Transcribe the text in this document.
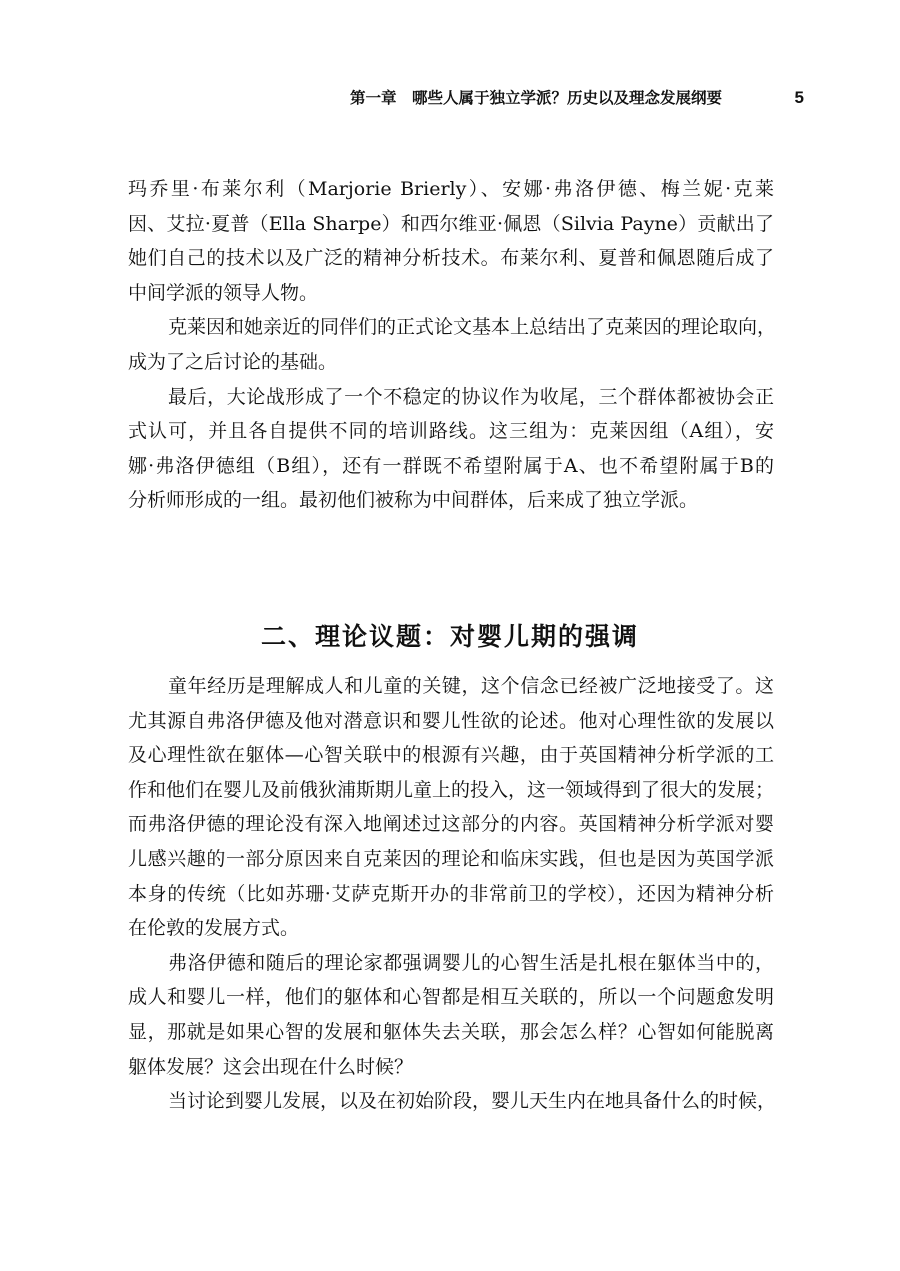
第一章　哪些人属于独立学派？历史以及理念发展纲要	5
玛乔里·布莱尔利（Marjorie Brierly）、安娜·弗洛伊德、梅兰妮·克莱
因、艾拉·夏普（Ella Sharpe）和西尔维亚·佩恩（Silvia Payne）贡献出了
她们自己的技术以及广泛的精神分析技术。布莱尔利、夏普和佩恩随后成了
中间学派的领导人物。
克莱因和她亲近的同伴们的正式论文基本上总结出了克莱因的理论取向，
成为了之后讨论的基础。
最后，大论战形成了一个不稳定的协议作为收尾，三个群体都被协会正
式认可，并且各自提供不同的培训路线。这三组为：克莱因组（A组），安
娜·弗洛伊德组（B组），还有一群既不希望附属于A、也不希望附属于B的
分析师形成的一组。最初他们被称为中间群体，后来成了独立学派。
二、理论议题：对婴儿期的强调
童年经历是理解成人和儿童的关键，这个信念已经被广泛地接受了。这
尤其源自弗洛伊德及他对潜意识和婴儿性欲的论述。他对心理性欲的发展以
及心理性欲在躯体—心智关联中的根源有兴趣，由于英国精神分析学派的工
作和他们在婴儿及前俄狄浦斯期儿童上的投入，这一领域得到了很大的发展；
而弗洛伊德的理论没有深入地阐述过这部分的内容。英国精神分析学派对婴
儿感兴趣的一部分原因来自克莱因的理论和临床实践，但也是因为英国学派
本身的传统（比如苏珊·艾萨克斯开办的非常前卫的学校），还因为精神分析
在伦敦的发展方式。
弗洛伊德和随后的理论家都强调婴儿的心智生活是扎根在躯体当中的，
成人和婴儿一样，他们的躯体和心智都是相互关联的，所以一个问题愈发明
显，那就是如果心智的发展和躯体失去关联，那会怎么样？心智如何能脱离
躯体发展？这会出现在什么时候？
当讨论到婴儿发展，以及在初始阶段，婴儿天生内在地具备什么的时候，
